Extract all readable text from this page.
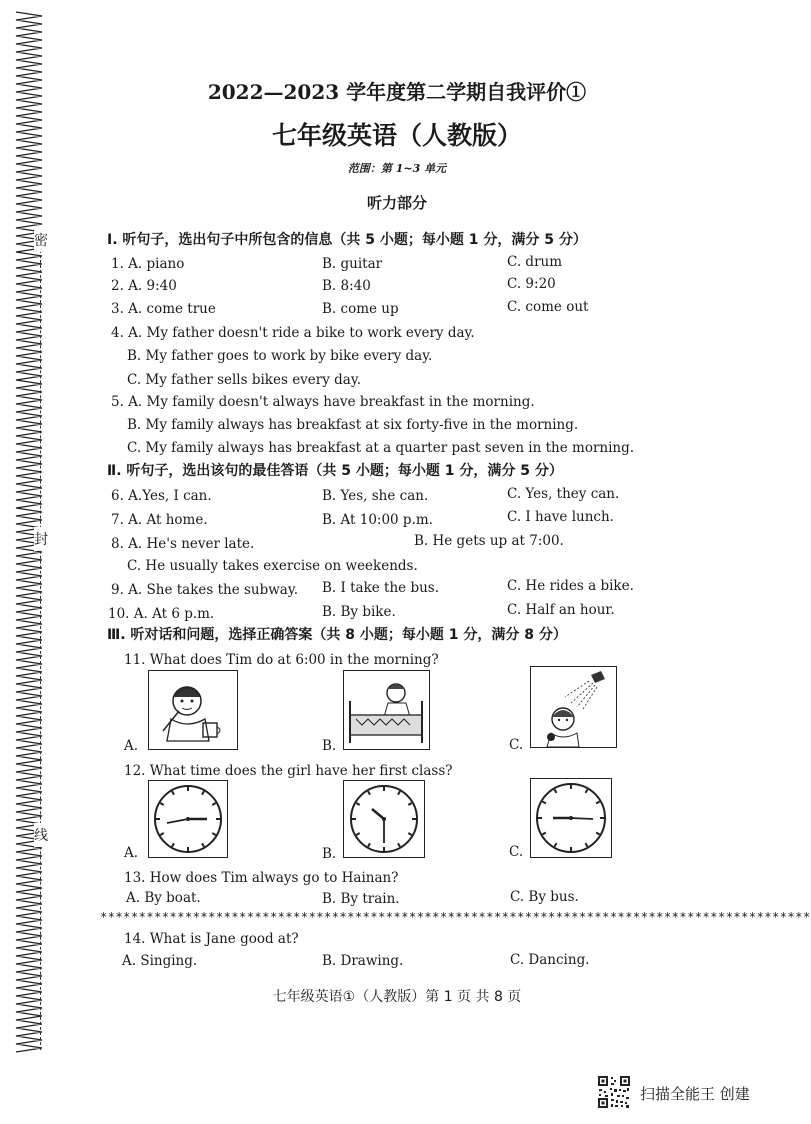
密
封
线
2022—2023 学年度第二学期自我评价①
七年级英语（人教版）
范围：第 1~3 单元
听力部分
Ⅰ. 听句子，选出句子中所包含的信息（共 5 小题；每小题 1 分，满分 5 分）
1. A. piano	B. guitar	C. drum
2. A. 9:40	B. 8:40	C. 9:20
3. A. come true	B. come up	C. come out
4. A. My father doesn't ride a bike to work every day.
B. My father goes to work by bike every day.
C. My father sells bikes every day.
5. A. My family doesn't always have breakfast in the morning.
B. My family always has breakfast at six forty-five in the morning.
C. My family always has breakfast at a quarter past seven in the morning.
Ⅱ. 听句子，选出该句的最佳答语（共 5 小题；每小题 1 分，满分 5 分）
6. A.Yes, I can.	B. Yes, she can.	C. Yes, they can.
7. A. At home.	B. At 10:00 p.m.	C. I have lunch.
8. A. He's never late.	B. He gets up at 7:00.
C. He usually takes exercise on weekends.
9. A. She takes the subway. B. I take the bus.	C. He rides a bike.
10. A. At 6 p.m.	B. By bike.	C. Half an hour.
Ⅲ. 听对话和问题，选择正确答案（共 8 小题；每小题 1 分，满分 8 分）
11. What does Tim do at 6:00 in the morning?
A.	B.	C.
12. What time does the girl have her first class?
A.	B.	C.
13. How does Tim always go to Hainan?
A. By boat.	B. By train.	C. By bus.
********************************************************************************************
14. What is Jane good at?
A. Singing.	B. Drawing.	C. Dancing.
七年级英语①（人教版）第 1 页 共 8 页
扫描全能王 创建
